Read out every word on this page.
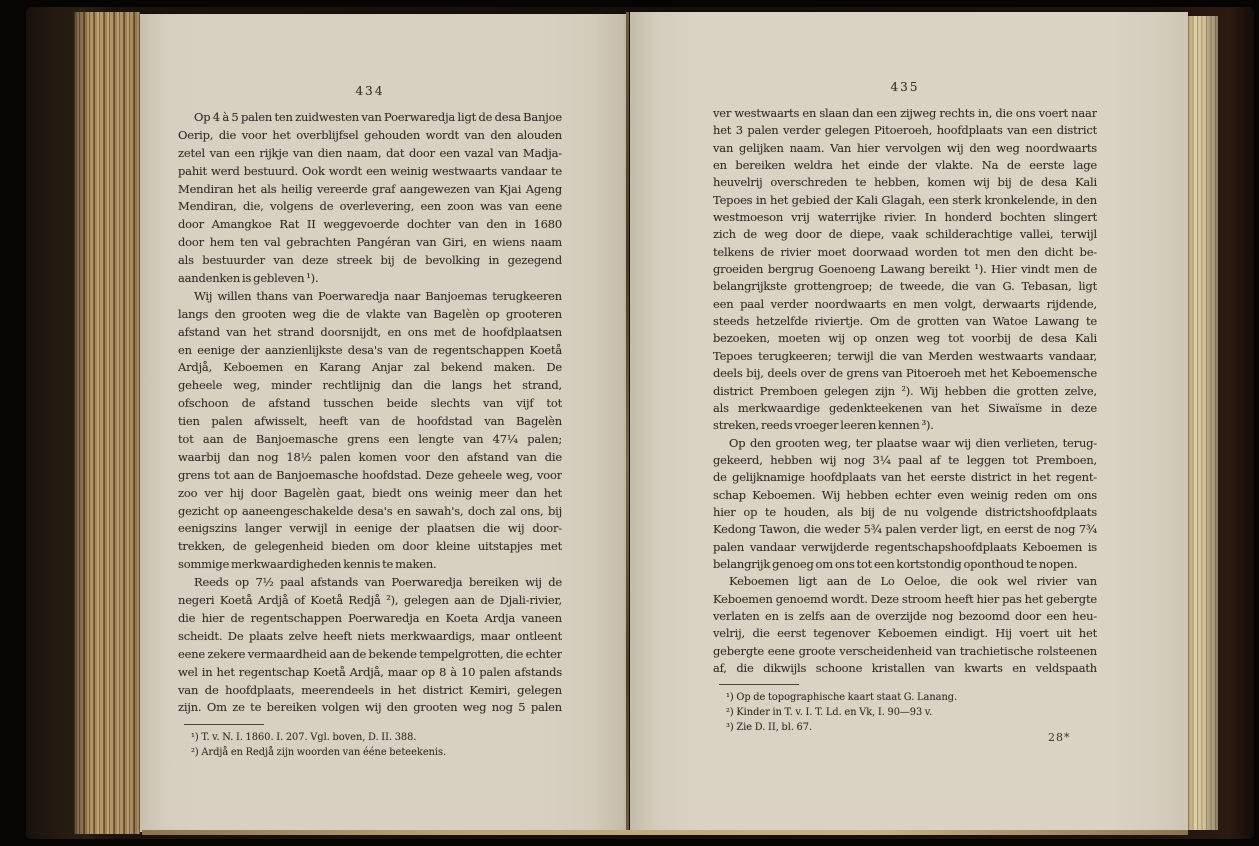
434
Op 4 à 5 palen ten zuidwesten van Poerwaredja ligt de desa Banjoe
Oerip, die voor het overblijfsel gehouden wordt van den alouden
zetel van een rijkje van dien naam, dat door een vazal van Madja-
pahit werd bestuurd. Ook wordt een weinig westwaarts vandaar te
Mendiran het als heilig vereerde graf aangewezen van Kjai Ageng
Mendiran, die, volgens de overlevering, een zoon was van eene
door Amangkoe Rat II weggevoerde dochter van den in 1680
door hem ten val gebrachten Pangéran van Giri, en wiens naam
als bestuurder van deze streek bij de bevolking in gezegend
aandenken is gebleven ¹).
Wij willen thans van Poerwaredja naar Banjoemas terugkeeren
langs den grooten weg die de vlakte van Bagelèn op grooteren
afstand van het strand doorsnijdt, en ons met de hoofdplaatsen
en eenige der aanzienlijkste desa's van de regentschappen Koetå
Ardjå, Keboemen en Karang Anjar zal bekend maken. De
geheele weg, minder rechtlijnig dan die langs het strand,
ofschoon de afstand tusschen beide slechts van vijf tot
tien palen afwisselt, heeft van de hoofdstad van Bagelèn
tot aan de Banjoemasche grens een lengte van 47¼ palen;
waarbij dan nog 18½ palen komen voor den afstand van die
grens tot aan de Banjoemasche hoofdstad. Deze geheele weg, voor
zoo ver hij door Bagelèn gaat, biedt ons weinig meer dan het
gezicht op aaneengeschakelde desa's en sawah's, doch zal ons, bij
eenigszins langer verwijl in eenige der plaatsen die wij door-
trekken, de gelegenheid bieden om door kleine uitstapjes met
sommige merkwaardigheden kennis te maken.
Reeds op 7½ paal afstands van Poerwaredja bereiken wij de
negeri Koetå Ardjå of Koetå Redjå ²), gelegen aan de Djali-rivier,
die hier de regentschappen Poerwaredja en Koeta Ardja vaneen
scheidt. De plaats zelve heeft niets merkwaardigs, maar ontleent
eene zekere vermaardheid aan de bekende tempelgrotten, die echter
wel in het regentschap Koetå Ardjå, maar op 8 à 10 palen afstands
van de hoofdplaats, meerendeels in het district Kemiri, gelegen
zijn. Om ze te bereiken volgen wij den grooten weg nog 5 palen
¹) T. v. N. I. 1860. I. 207. Vgl. boven, D. II. 388.
²) Ardjå en Redjå zijn woorden van ééne beteekenis.
435
ver westwaarts en slaan dan een zijweg rechts in, die ons voert naar
het 3 palen verder gelegen Pitoeroeh, hoofdplaats van een district
van gelijken naam. Van hier vervolgen wij den weg noordwaarts
en bereiken weldra het einde der vlakte. Na de eerste lage
heuvelrij overschreden te hebben, komen wij bij de desa Kali
Tepoes in het gebied der Kali Glagah, een sterk kronkelende, in den
westmoeson vrij waterrijke rivier. In honderd bochten slingert
zich de weg door de diepe, vaak schilderachtige vallei, terwijl
telkens de rivier moet doorwaad worden tot men den dicht be-
groeiden bergrug Goenoeng Lawang bereikt ¹). Hier vindt men de
belangrijkste grottengroep; de tweede, die van G. Tebasan, ligt
een paal verder noordwaarts en men volgt, derwaarts rijdende,
steeds hetzelfde riviertje. Om de grotten van Watoe Lawang te
bezoeken, moeten wij op onzen weg tot voorbij de desa Kali
Tepoes terugkeeren; terwijl die van Merden westwaarts vandaar,
deels bij, deels over de grens van Pitoeroeh met het Keboemensche
district Premboen gelegen zijn ²). Wij hebben die grotten zelve,
als merkwaardige gedenkteekenen van het Siwaïsme in deze
streken, reeds vroeger leeren kennen ³).
Op den grooten weg, ter plaatse waar wij dien verlieten, terug-
gekeerd, hebben wij nog 3¼ paal af te leggen tot Premboen,
de gelijknamige hoofdplaats van het eerste district in het regent-
schap Keboemen. Wij hebben echter even weinig reden om ons
hier op te houden, als bij de nu volgende districtshoofdplaats
Kedong Tawon, die weder 5¾ palen verder ligt, en eerst de nog 7¾
palen vandaar verwijderde regentschapshoofdplaats Keboemen is
belangrijk genoeg om ons tot een kortstondig oponthoud te nopen.
Keboemen ligt aan de Lo Oeloe, die ook wel rivier van
Keboemen genoemd wordt. Deze stroom heeft hier pas het gebergte
verlaten en is zelfs aan de overzijde nog bezoomd door een heu-
velrij, die eerst tegenover Keboemen eindigt. Hij voert uit het
gebergte eene groote verscheidenheid van trachietische rolsteenen
af, die dikwijls schoone kristallen van kwarts en veldspaath
¹) Op de topographische kaart staat G. Lanang.
²) Kinder in T. v. I. T. Ld. en Vk, I. 90—93 v.
³) Zie D. II, bl. 67.
28*
